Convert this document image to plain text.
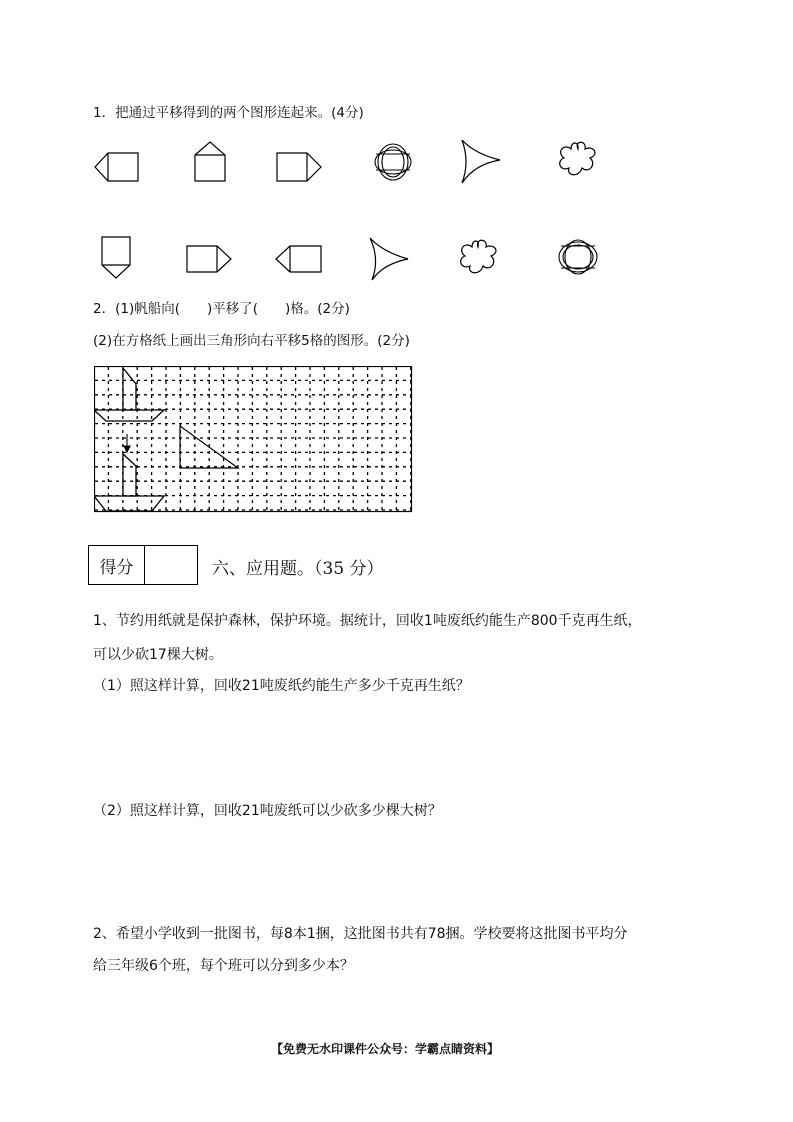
1．把通过平移得到的两个图形连起来。(4分)
2．(1)帆船向(　　)平移了(　　)格。(2分)
(2)在方格纸上画出三角形向右平移5格的图形。(2分)
得分	六、应用题。（35 分）
1、节约用纸就是保护森林，保护环境。据统计，回收1吨废纸约能生产800千克再生纸，
可以少砍17棵大树。
（1）照这样计算，回收21吨废纸约能生产多少千克再生纸？
（2）照这样计算，回收21吨废纸可以少砍多少棵大树？
2、希望小学收到一批图书，每8本1捆，这批图书共有78捆。学校要将这批图书平均分
给三年级6个班，每个班可以分到多少本？
【免费无水印课件公众号：学霸点睛资料】
